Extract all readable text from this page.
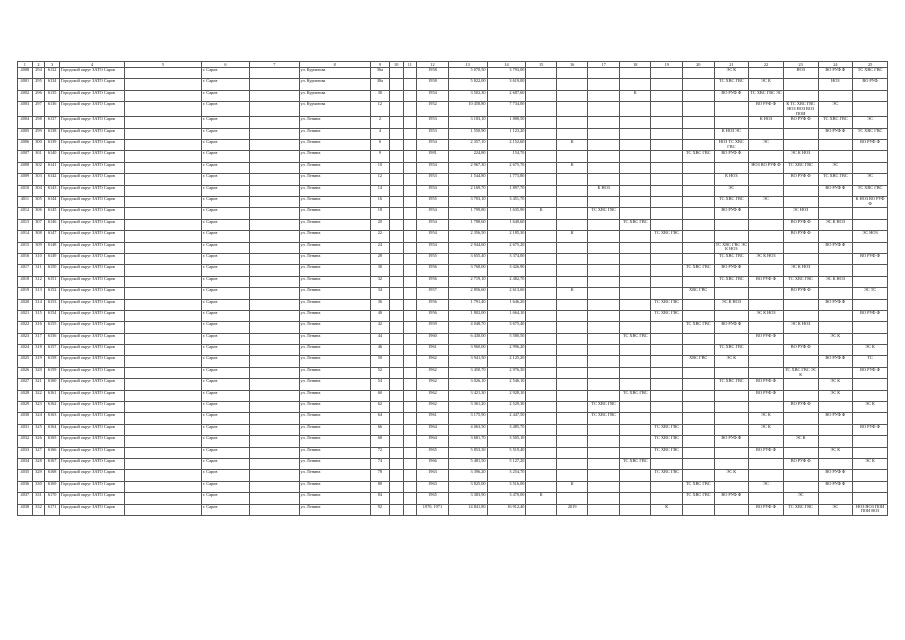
1	2	3	4	5	6	7	8	9	10	11	12	13	14	15	16	17	18	19	20	21	22	23	24	25
4008	294	6132	Городской округ ЗАТО Саров		г. Саров		ул. Курчатова	36а			1958	5 070,50	3 793,00							ЭС К		НОЗ	ВО РУФ Ф	ТС ХВС ГВС
4001	295	6134	Городской округ ЗАТО Саров		г. Саров		ул. Курчатова	38а			1958	5 822,00	3 619,00							ТС ХВС ГВС	ЭС К		НОЗ	ВО РУФ
4002	296	6135	Городской округ ЗАТО Саров		г. Саров		ул. Курчатова	30			1954	3 502,30	2 687,60				К			ВО РУФ Ф	ТС ХВС ГВС ЭС			
4003	297	6136	Городской округ ЗАТО Саров		г. Саров		ул. Курчатова	12			1952	10 458,80	7 734,00								ВО РУФ Ф	К ТС ХВС ГВС НОЗ НОЗ ВО3 ПОИ	ЭС	
4004	298	6137	Городской округ ЗАТО Саров		г. Саров		ул. Ленина	2			1953	3 183,10	1 888,50								К НОЗ	ВО РУФ Ф	ТС ХВС ГВС	ЭС
4005	299	6138	Городской округ ЗАТО Саров		г. Саров		ул. Ленина	4			1953	1 550,90	1 123,20							К НОЗ ЭС			ВО РУФ Ф	ТС ХВС ГВС
4006	300	6139	Городской округ ЗАТО Саров		г. Саров		ул. Ленина	6			1954	2 357,10	2 152,60		К					НОЗ ТС ХВС ГВС	ЭС			ВО РУФ Ф
4007	301	6140	Городской округ ЗАТО Саров		г. Саров		ул. Ленина	9			1981	224,80	154,70						ТС ХВС ГВС	ВО РУФ Ф		ЭС К НОЗ		
4008	302	6141	Городской округ ЗАТО Саров		г. Саров		ул. Ленина	10			1954	2 967,30	2 675,70		К						НОЗ ВО РУФ Ф	ТС ХВС ГВС	ЭС	
4009	303	6142	Городской округ ЗАТО Саров		г. Саров		ул. Ленина	12			1953	1 544,80	1 773,80							К НОЗ		ВО РУФ Ф	ТС ХВС ГВС	ЭС
4010	304	6143	Городской округ ЗАТО Саров		г. Саров		ул. Ленина	14			1954	2 169,70	1 897,70			К НОЗ				ЭС			ВО РУФ Ф	ТС ХВС ГВС
4011	305	6144	Городской округ ЗАТО Саров		г. Саров		ул. Ленина	16			1955	3 703,10	3 451,70							ТС ХВС ГВС	ЭС			К НОЗ ВО РУФ Ф
4012	306	6145	Городской округ ЗАТО Саров		г. Саров		ул. Ленина	18			1954	1 799,80	1 635,90	К		ТС ХВС ГВС				ВО РУФ Ф		ЭС НОЗ		
4013	307	6146	Городской округ ЗАТО Саров		г. Саров		ул. Ленина	20			1954	1 788,60	1 640,60				ТС ХВС ГВС					ВО РУФ Ф	ЭС К НОЗ	
4014	308	6147	Городской округ ЗАТО Саров		г. Саров		ул. Ленина	22			1954	2 356,50	2 185,30		К			ТС ХВС ГВС				ВО РУФ Ф		ЭС НОЗ
4015	309	6148	Городской округ ЗАТО Саров		г. Саров		ул. Ленина	24			1954	2 944,60	2 675,20							ТС ХВС ГВС ЭС К НОЗ			ВО РУФ Ф	
4016	310	6149	Городской округ ЗАТО Саров		г. Саров		ул. Ленина	28			1955	3 655,40	3 374,00							ТС ХВС ГВС	ЭС К НОЗ			ВО РУФ Ф
4017	311	6150	Городской округ ЗАТО Саров		г. Саров		ул. Ленина	30			1956	3 768,00	3 426,90						ТС ХВС ГВС	ВО РУФ Ф		ЭС К НОЗ		
4018	312	6151	Городской округ ЗАТО Саров		г. Саров		ул. Ленина	32			1956	2 719,10	2 482,70							ТС ХВС ГВС	ВО РУФ Ф	ТС ХВС ГВС	ЭС К НОЗ	
4019	313	6152	Городской округ ЗАТО Саров		г. Саров		ул. Ленина	34			1957	2 856,60	2 613,60		К				ХВС ГВС			ВО РУФ Ф		ЭС ТС
4020	314	6153	Городской округ ЗАТО Саров		г. Саров		ул. Ленина	36			1956	1 791,40	1 646,20					ТС ХВС ГВС		ЭС К НОЗ			ВО РУФ Ф	
4021	315	6154	Городской округ ЗАТО Саров		г. Саров		ул. Ленина	40			1956	1 802,00	1 664,10					ТС ХВС ГВС			ЭС К НОЗ			ВО РУФ Ф
4022	316	6155	Городской округ ЗАТО Саров		г. Саров		ул. Ленина	42			1959	4 048,70	3 675,40						ТС ХВС ГВС	ВО РУФ Ф		ЭС К НОЗ		
4023	317	6156	Городской округ ЗАТО Саров		г. Саров		ул. Ленина	44			1960	6 430,00	5 580,50				ТС ХВС ГВС				ВО РУФ Ф		ЭС К	
4024	318	6157	Городской округ ЗАТО Саров		г. Саров		ул. Ленина	46			1961	3 960,00	2 996,20							ТС ХВС ГВС		ВО РУФ Ф		ЭС К
4025	319	6158	Городской округ ЗАТО Саров		г. Саров		ул. Ленина	50			1962	3 941,50	2 125,20						ХВС ГВС	ЭС К			ВО РУФ Ф	ТС
4026	320	6159	Городской округ ЗАТО Саров		г. Саров		ул. Ленина	52			1962	3 450,70	2 976,30									ТС ХВС ГВС ЭС К		ВО РУФ Ф
4027	321	6160	Городской округ ЗАТО Саров		г. Саров		ул. Ленина	54			1962	3 026,10	2 546,10							ТС ХВС ГВС	ВО РУФ Ф		ЭС К	
4028	322	6161	Городской округ ЗАТО Саров		г. Саров		ул. Ленина	60			1962	3 421,30	2 928,10				ТС ХВС ГВС				ВО РУФ Ф		ЭС К	
4029	323	6162	Городской округ ЗАТО Саров		г. Саров		ул. Ленина	62			1962	3 361,20	2 529,30			ТС ХВС ГВС						ВО РУФ Ф		ЭС К
4030	324	6163	Городской округ ЗАТО Саров		г. Саров		ул. Ленина	64			1961	3 175,90	2 447,50			ТС ХВС ГВС					ЭС К		ВО РУФ Ф	
4031	325	6164	Городской округ ЗАТО Саров		г. Саров		ул. Ленина	66			1964	4 063,50	3 485,70					ТС ХВС ГВС			ЭС К			ВО РУФ Ф
4032	326	6165	Городской округ ЗАТО Саров		г. Саров		ул. Ленина	68			1964	3 681,70	3 505,10					ТС ХВС ГВС		ВО РУФ Ф		ЭС К		
4033	327	6166	Городской округ ЗАТО Саров		г. Саров		ул. Ленина	72			1965	5 853,30	5 519,40					ТС ХВС ГВС			ВО РУФ Ф		ЭС К	
4034	328	6167	Городской округ ЗАТО Саров		г. Саров		ул. Ленина	74			1966	5 481,50	5 127,20				ТС ХВС ГВС					ВО РУФ Ф		ЭС К
4035	329	6168	Городской округ ЗАТО Саров		г. Саров		ул. Ленина	78			1963	3 396,20	3 254,70					ТС ХВС ГВС		ЭС К			ВО РУФ Ф	
4036	330	6169	Городской округ ЗАТО Саров		г. Саров		ул. Ленина	80			1963	3 825,00	3 516,00		К				ТС ХВС ГВС		ЭС		ВО РУФ Ф	
4037	331	6170	Городской округ ЗАТО Саров		г. Саров		ул. Ленина	84			1965	3 383,90	3 470,00	К					ТС ХВС ГВС	ВО РУФ Ф		ЭС		
4038	332	6171	Городской округ ЗАТО Саров		г. Саров		ул. Ленина	92			1970, 1971	14 841,80	16 912,40		2019			К			ВО РУФ Ф	ТС ХВС ГВС	ЭС	НОЗ НОЗ ПОИ ПОИ ВО3
